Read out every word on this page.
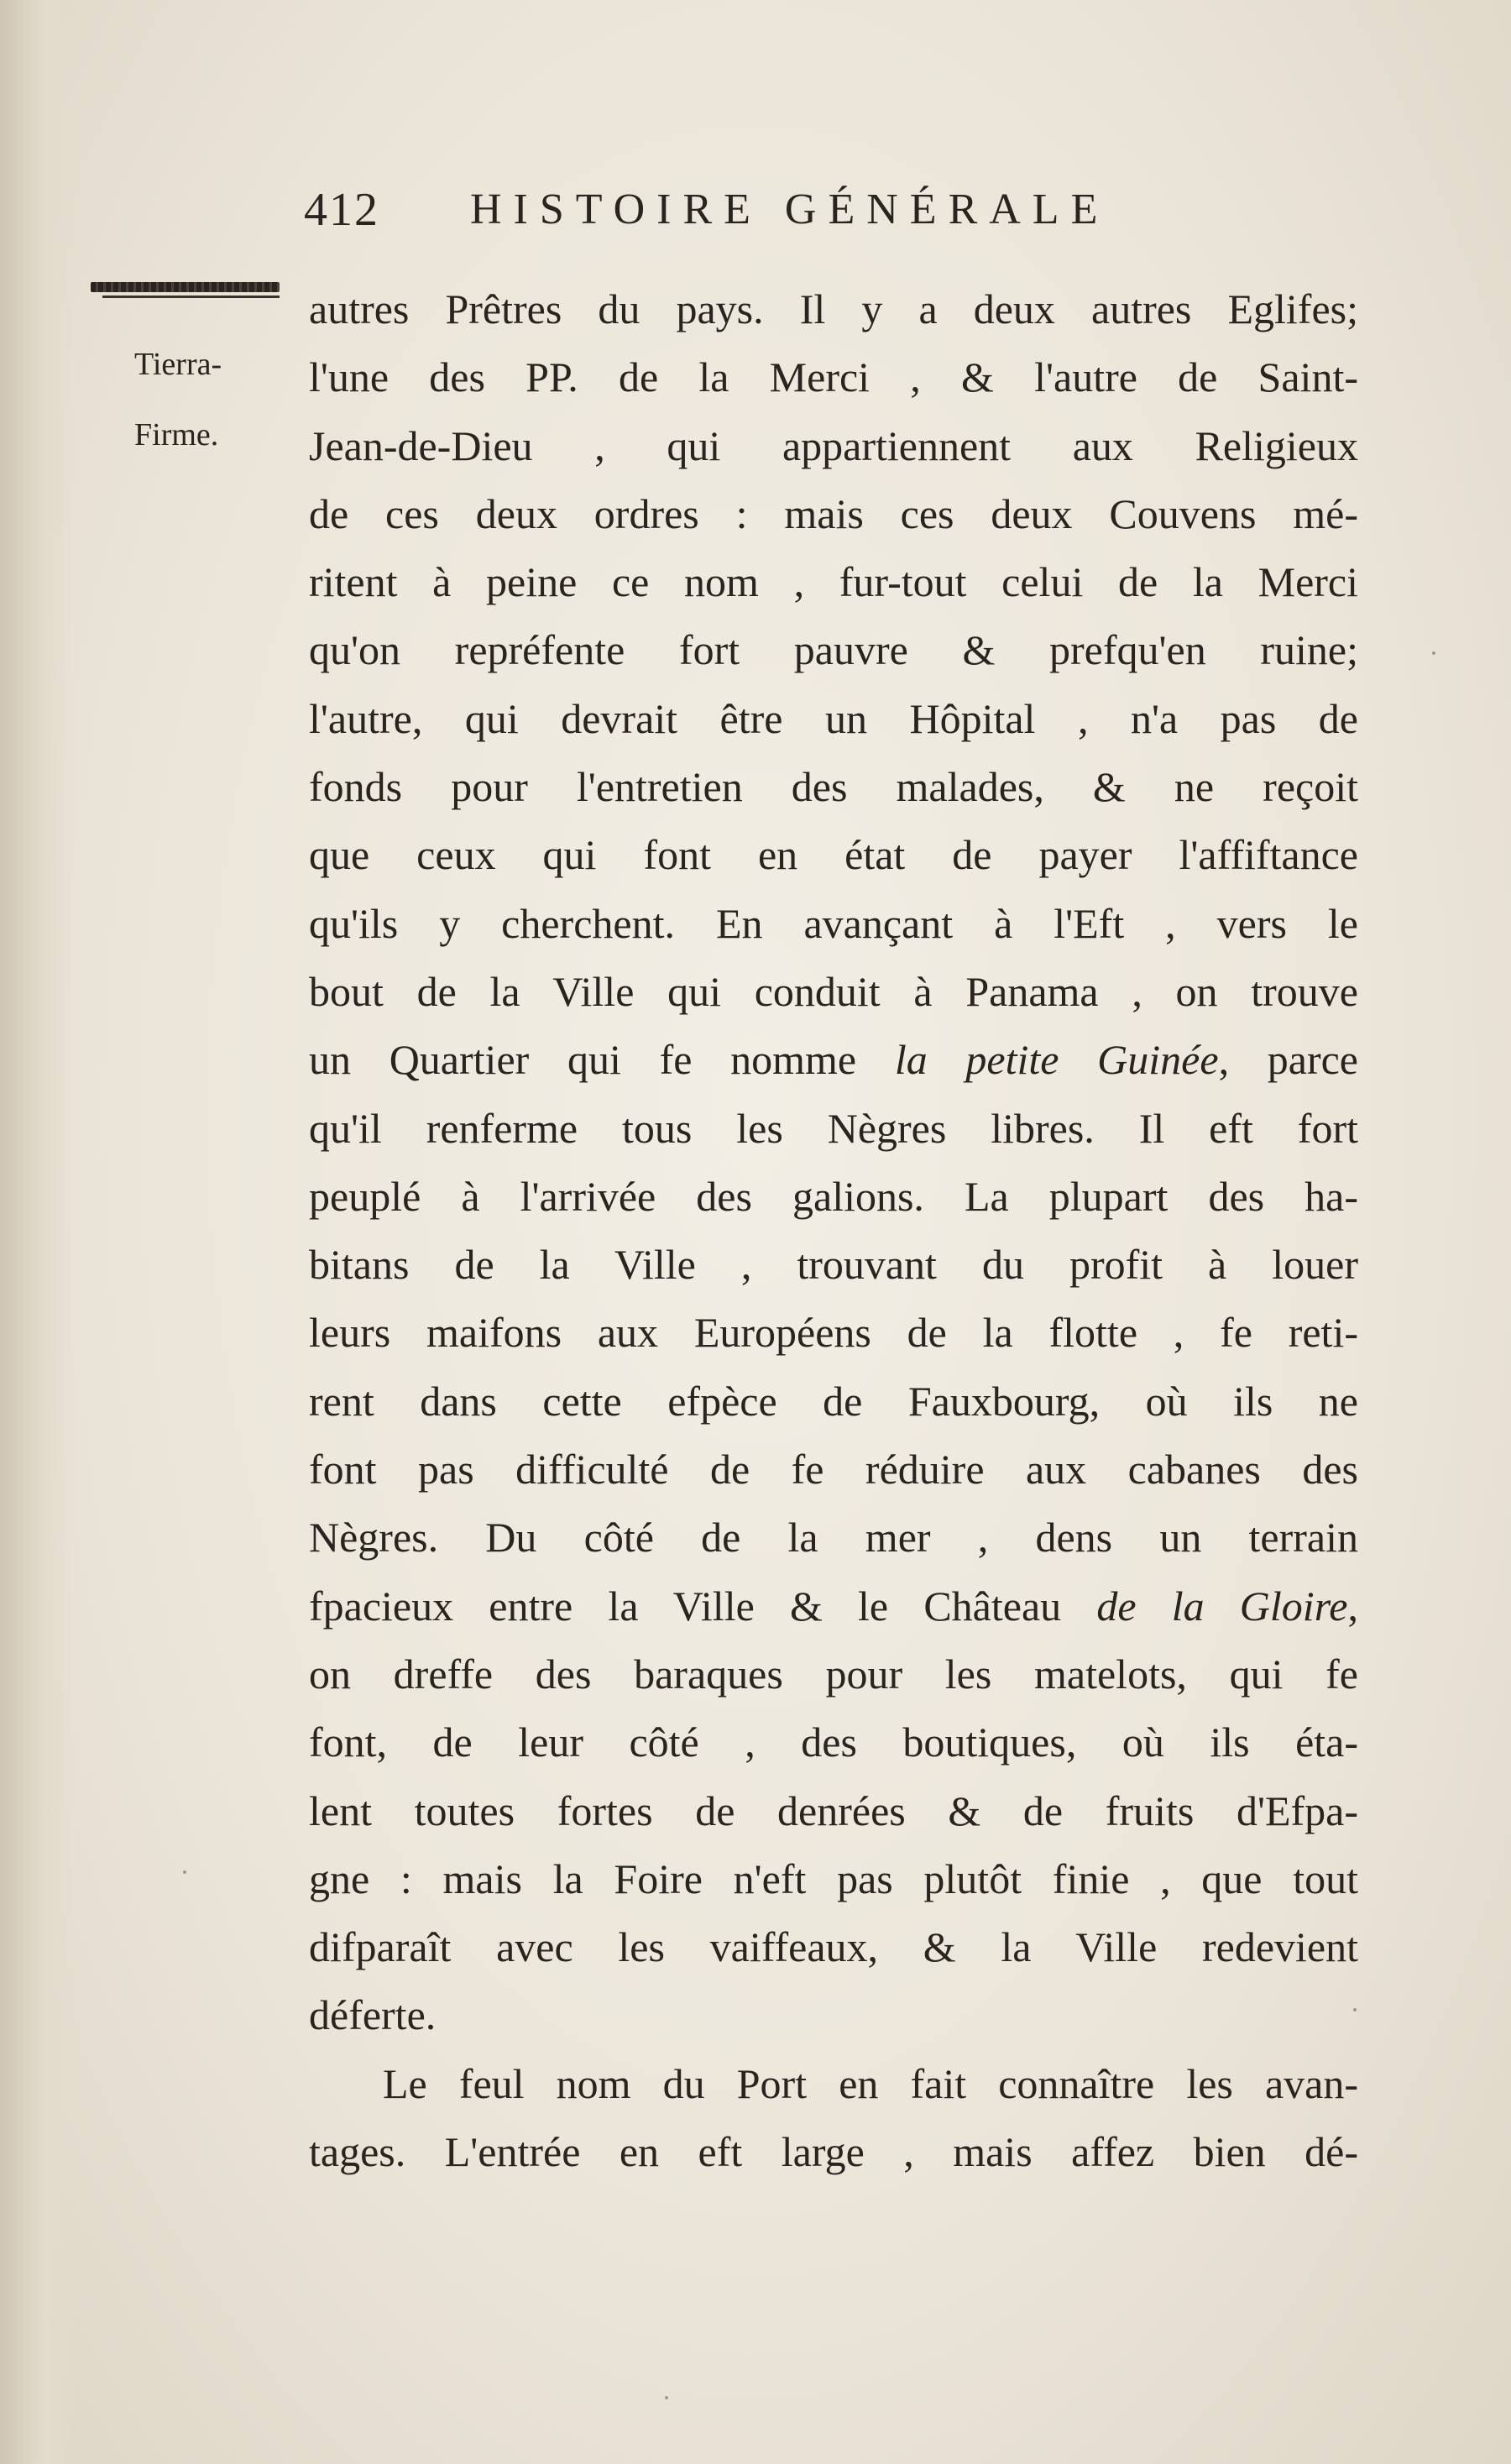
412 HISTOIRE GÉNÉRALE
Tierra-
Firme.
autres Prêtres du pays. Il y a deux autres Eglifes;
l'une des PP. de la Merci , & l'autre de Saint-
Jean-de-Dieu , qui appartiennent aux Religieux
de ces deux ordres : mais ces deux Couvens mé-
ritent à peine ce nom , fur-tout celui de la Merci
qu'on repréfente fort pauvre & prefqu'en ruine;
l'autre, qui devrait être un Hôpital , n'a pas de
fonds pour l'entretien des malades, & ne reçoit
que ceux qui font en état de payer l'affiftance
qu'ils y cherchent. En avançant à l'Eft , vers le
bout de la Ville qui conduit à Panama , on trouve
un Quartier qui fe nomme la petite Guinée, parce
qu'il renferme tous les Nègres libres. Il eft fort
peuplé à l'arrivée des galions. La plupart des ha-
bitans de la Ville , trouvant du profit à louer
leurs maifons aux Européens de la flotte , fe reti-
rent dans cette efpèce de Fauxbourg, où ils ne
font pas difficulté de fe réduire aux cabanes des
Nègres. Du côté de la mer , dens un terrain
fpacieux entre la Ville & le Château de la Gloire,
on dreffe des baraques pour les matelots, qui fe
font, de leur côté , des boutiques, où ils éta-
lent toutes fortes de denrées & de fruits d'Efpa-
gne : mais la Foire n'eft pas plutôt finie , que tout
difparaît avec les vaiffeaux, & la Ville redevient
déferte.
Le feul nom du Port en fait connaître les avan-
tages. L'entrée en eft large , mais affez bien dé-
